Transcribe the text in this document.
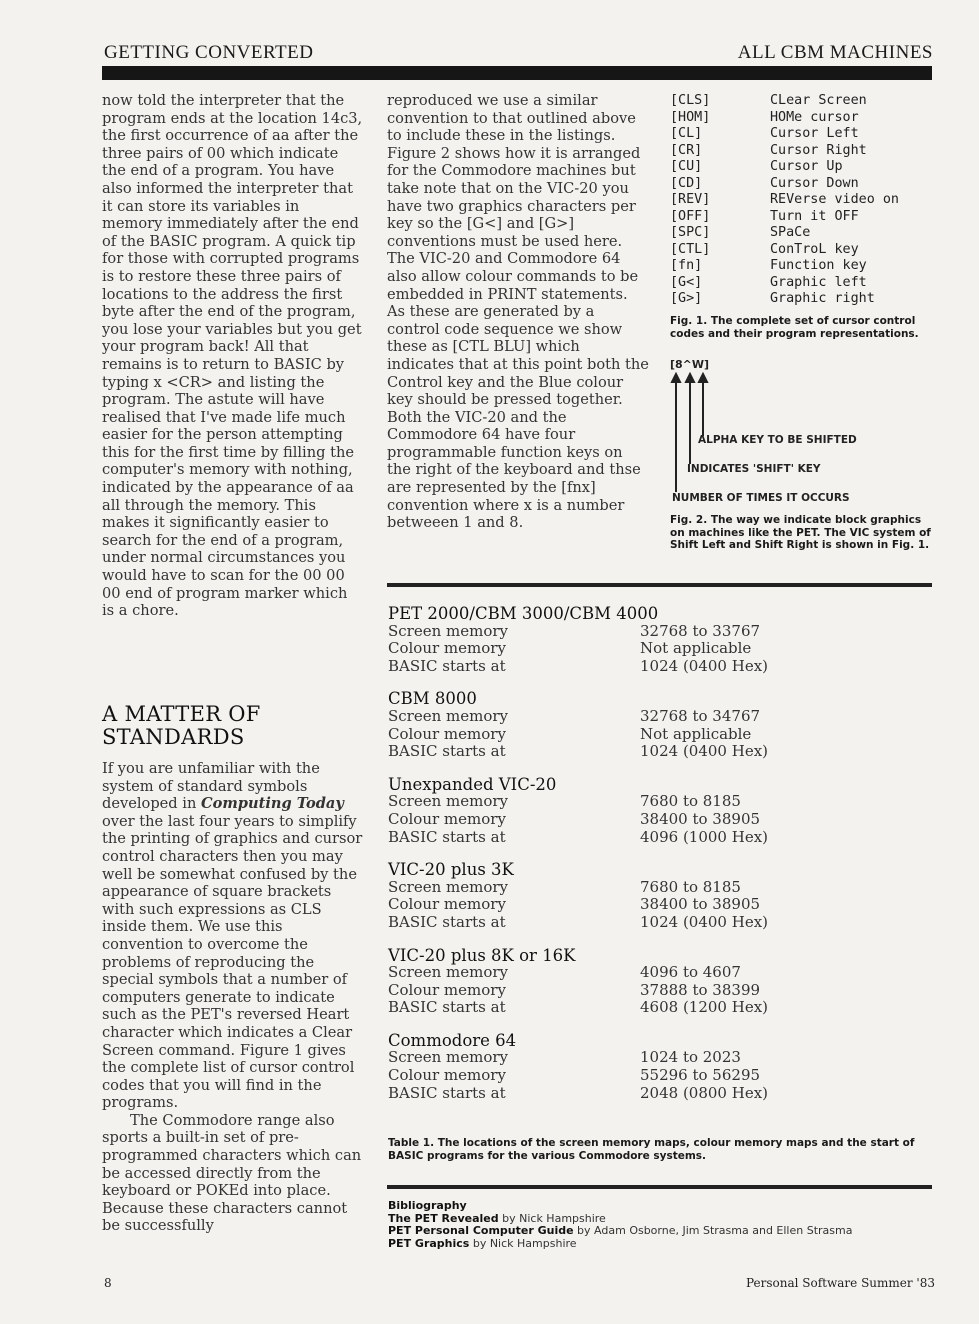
GETTING CONVERTED	ALL CBM MACHINES

now told the interpreter that the program ends at the location 14c3, the first occurrence of aa after the three pairs of 00 which indicate the end of a program. You have also informed the interpreter that it can store its variables in memory immediately after the end of the BASIC program. A quick tip for those with corrupted programs is to restore these three pairs of locations to the address the first byte after the end of the program, you lose your variables but you get your program back! All that remains is to return to BASIC by typing x <CR> and listing the program. The astute will have realised that I've made life much easier for the person attempting this for the first time by filling the computer's memory with nothing, indicated by the appearance of aa all through the memory. This makes it significantly easier to search for the end of a program, under normal circumstances you would have to scan for the 00 00 00 end of program marker which is a chore.

A MATTER OF STANDARDS

If you are unfamiliar with the system of standard symbols developed in Computing Today over the last four years to simplify the printing of graphics and cursor control characters then you may well be somewhat confused by the appearance of square brackets with such expressions as CLS inside them. We use this convention to overcome the problems of reproducing the special symbols that a number of computers generate to indicate such as the PET's reversed Heart character which indicates a Clear Screen command. Figure 1 gives the complete list of cursor control codes that you will find in the programs.

The Commodore range also sports a built-in set of pre-programmed characters which can be accessed directly from the keyboard or POKEd into place. Because these characters cannot be successfully

reproduced we use a similar convention to that outlined above to include these in the listings. Figure 2 shows how it is arranged for the Commodore machines but take note that on the VIC-20 you have two graphics characters per key so the [G<] and [G>] conventions must be used here. The VIC-20 and Commodore 64 also allow colour commands to be embedded in PRINT statements. As these are generated by a control code sequence we show these as [CTL BLU] which indicates that at this point both the Control key and the Blue colour key should be pressed together. Both the VIC-20 and the Commodore 64 have four programmable function keys on the right of the keyboard and thse are represented by the [fnx] convention where x is a number betweeen 1 and 8.

[CLS]	CLear Screen
[HOM]	HOMe cursor
[CL]	Cursor Left
[CR]	Cursor Right
[CU]	Cursor Up
[CD]	Cursor Down
[REV]	REVerse video on
[OFF]	Turn it OFF
[SPC]	SPaCe
[CTL]	ConTroL key
[fn]	Function key
[G<]	Graphic left
[G>]	Graphic right
Fig. 1. The complete set of cursor control codes and their program representations.
[8^W]
ALPHA KEY TO BE SHIFTED
INDICATES 'SHIFT' KEY
NUMBER OF TIMES IT OCCURS
Fig. 2. The way we indicate block graphics on machines like the PET. The VIC system of Shift Left and Shift Right is shown in Fig. 1.
PET 2000/CBM 3000/CBM 4000
Screen memory	32768 to 33767
Colour memory	Not applicable
BASIC starts at	1024 (0400 Hex)
CBM 8000
Screen memory	32768 to 34767
Colour memory	Not applicable
BASIC starts at	1024 (0400 Hex)
Unexpanded VIC-20
Screen memory	7680 to 8185
Colour memory	38400 to 38905
BASIC starts at	4096 (1000 Hex)
VIC-20 plus 3K
Screen memory	7680 to 8185
Colour memory	38400 to 38905
BASIC starts at	1024 (0400 Hex)
VIC-20 plus 8K or 16K
Screen memory	4096 to 4607
Colour memory	37888 to 38399
BASIC starts at	4608 (1200 Hex)
Commodore 64
Screen memory	1024 to 2023
Colour memory	55296 to 56295
BASIC starts at	2048 (0800 Hex)
Table 1. The locations of the screen memory maps, colour memory maps and the start of BASIC programs for the various Commodore systems.
Bibliography
The PET Revealed by Nick Hampshire
PET Personal Computer Guide by Adam Osborne, Jim Strasma and Ellen Strasma
PET Graphics by Nick Hampshire
8	Personal Software Summer '83
